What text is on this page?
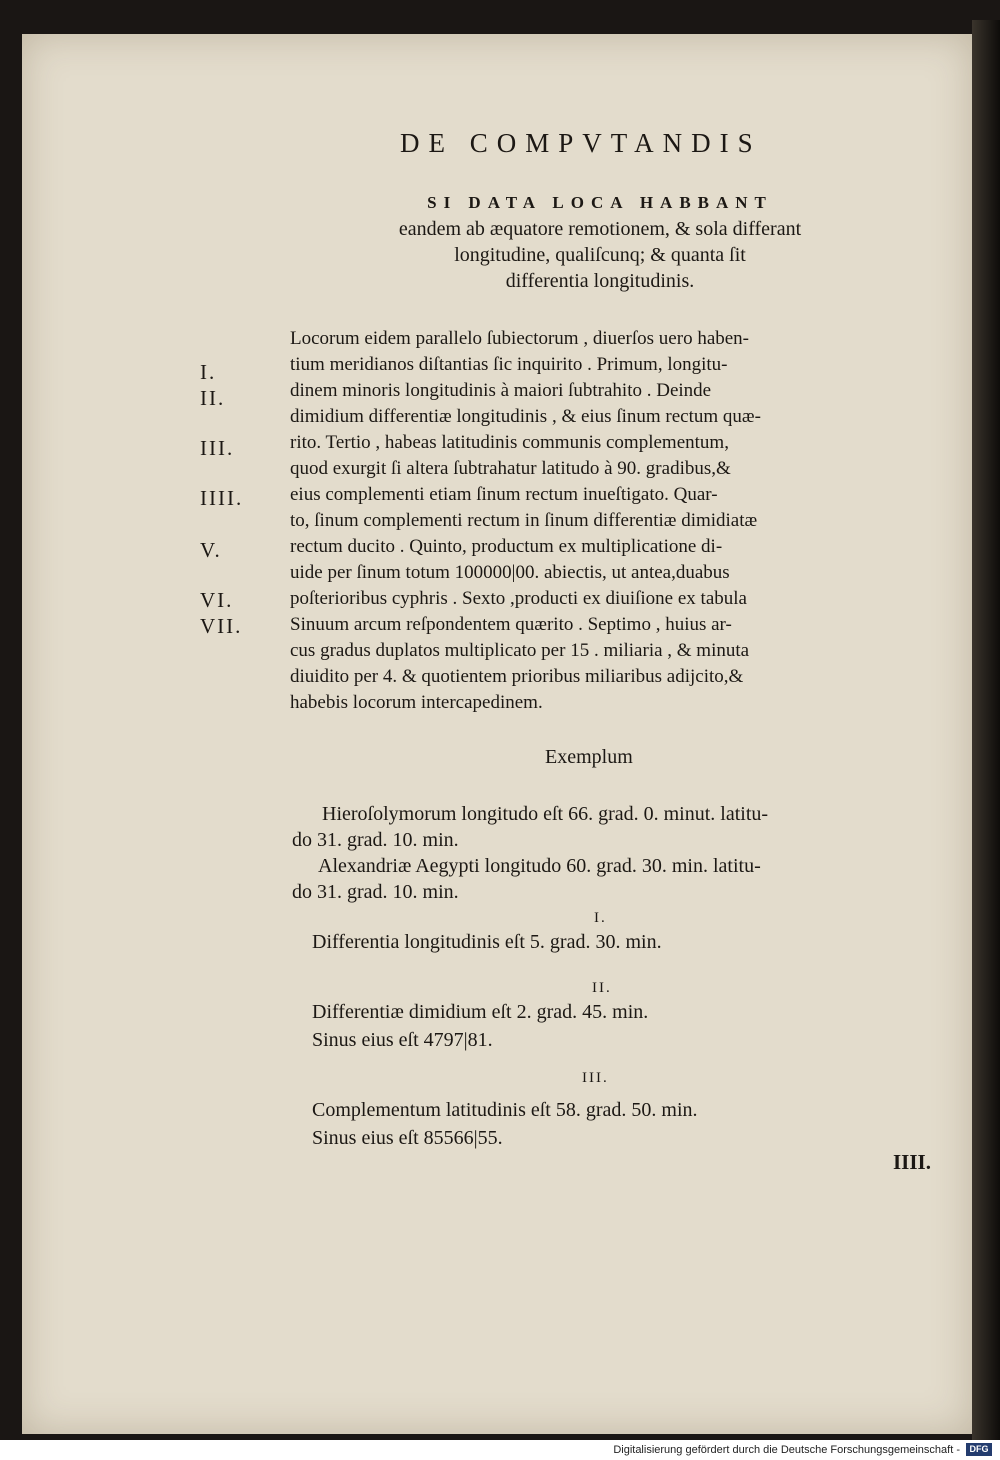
DE COMPVTANDIS
SI DATA LOCA HABBANT
eandem ab æquatore remotionem, & sola differant
longitudine, qualiſcunq; & quanta ſit
differentia longitudinis.
Locorum eidem parallelo ſubiectorum , diuerſos uero haben-
tium meridianos diſtantias ſic inquirito . Primum, longitu-
dinem minoris longitudinis à maiori ſubtrahito . Deinde
dimidium differentiæ longitudinis , & eius ſinum rectum quæ-
rito. Tertio , habeas latitudinis communis complementum,
quod exurgit ſi altera ſubtrahatur latitudo à 90. gradibus,&
eius complementi etiam ſinum rectum inueſtigato. Quar-
to, ſinum complementi rectum in ſinum differentiæ dimidiatæ
rectum ducito . Quinto, productum ex multiplicatione di-
uide per ſinum totum 100000|00. abiectis, ut antea,duabus
poſterioribus cyphris . Sexto ,producti ex diuiſione ex tabula
Sinuum arcum reſpondentem quærito . Septimo , huius ar-
cus gradus duplatos multiplicato per 15 . miliaria , & minuta
diuidito per 4. & quotientem prioribus miliaribus adijcito,&
habebis locorum intercapedinem.
I.
II.
III.
IIII.
V.
VI.
VII.
Exemplum
Hieroſolymorum longitudo eſt 66. grad. 0. minut. latitu-
do 31. grad. 10. min.
Alexandriæ Aegypti longitudo 60. grad. 30. min. latitu-
do 31. grad. 10. min.
I.
Differentia longitudinis eſt 5. grad. 30. min.
II.
Differentiæ dimidium eſt 2. grad. 45. min.
Sinus eius eſt 4797|81.
III.
Complementum latitudinis eſt 58. grad. 50. min.
Sinus eius eſt 85566|55.
IIII.
Digitalisierung gefördert durch die Deutsche Forschungsgemeinschaft -	DFG
